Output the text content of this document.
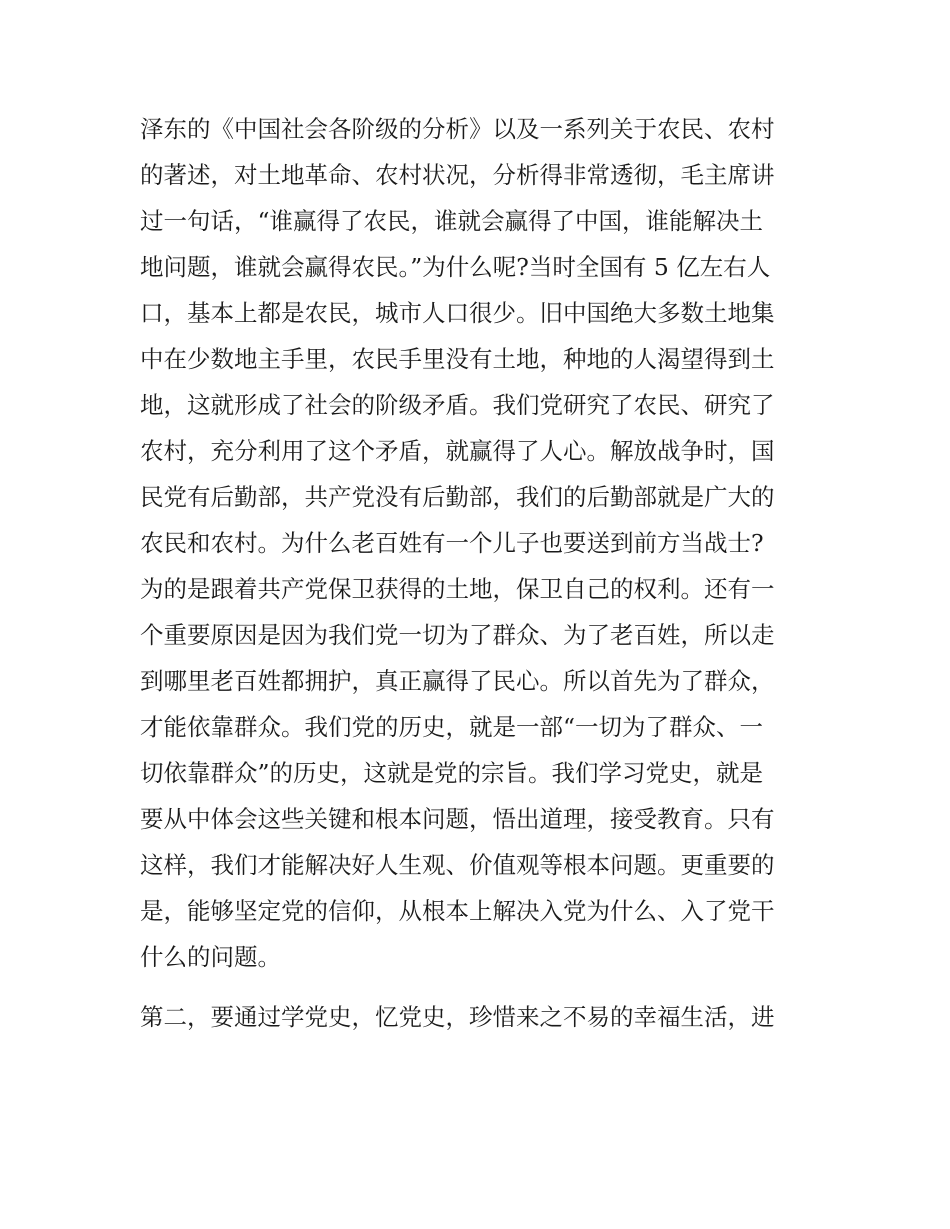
泽东的《中国社会各阶级的分析》以及一系列关于农民、农村
的著述，对土地革命、农村状况，分析得非常透彻，毛主席讲
过一句话，“谁赢得了农民，谁就会赢得了中国，谁能解决土
地问题，谁就会赢得农民。”为什么呢?当时全国有 5 亿左右人
口，基本上都是农民，城市人口很少。旧中国绝大多数土地集
中在少数地主手里，农民手里没有土地，种地的人渴望得到土
地，这就形成了社会的阶级矛盾。我们党研究了农民、研究了
农村，充分利用了这个矛盾，就赢得了人心。解放战争时，国
民党有后勤部，共产党没有后勤部，我们的后勤部就是广大的
农民和农村。为什么老百姓有一个儿子也要送到前方当战士?
为的是跟着共产党保卫获得的土地，保卫自己的权利。还有一
个重要原因是因为我们党一切为了群众、为了老百姓，所以走
到哪里老百姓都拥护，真正赢得了民心。所以首先为了群众，
才能依靠群众。我们党的历史，就是一部“一切为了群众、一
切依靠群众”的历史，这就是党的宗旨。我们学习党史，就是
要从中体会这些关键和根本问题，悟出道理，接受教育。只有
这样，我们才能解决好人生观、价值观等根本问题。更重要的
是，能够坚定党的信仰，从根本上解决入党为什么、入了党干
什么的问题。
第二，要通过学党史，忆党史，珍惜来之不易的幸福生活，进
